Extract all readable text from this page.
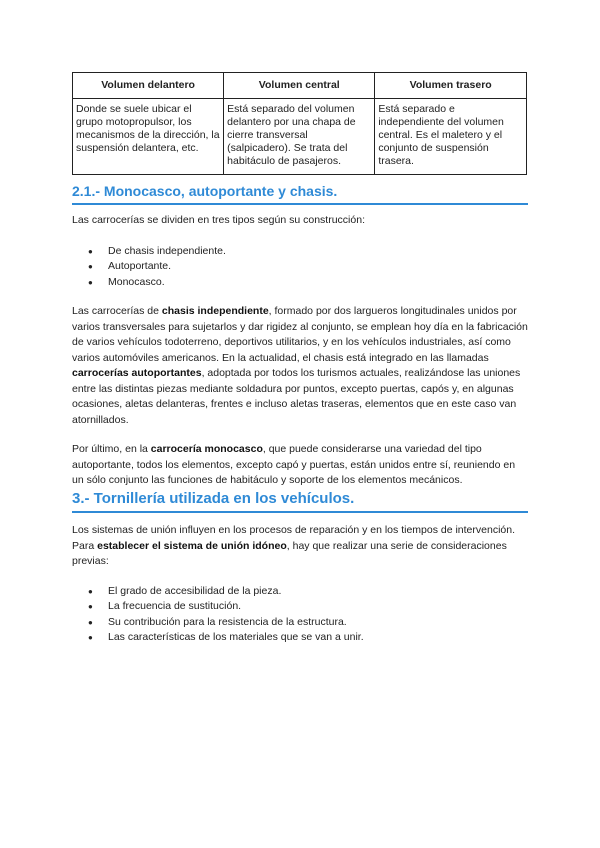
Volumen delantero	Volumen central	Volumen trasero
Donde se suele ubicar el grupo motopropulsor, los mecanismos de la dirección, la suspensión delantera, etc.	Está separado del volumen delantero por una chapa de cierre transversal (salpicadero). Se trata del habitáculo de pasajeros.	Está separado e independiente del volumen central. Es el maletero y el conjunto de suspensión trasera.
2.1.- Monocasco, autoportante y chasis.

Las carrocerías se dividen en tres tipos según su construcción:

● De chasis independiente.
● Autoportante.
● Monocasco.

Las carrocerías de chasis independiente, formado por dos largueros longitudinales unidos por varios transversales para sujetarlos y dar rigidez al conjunto, se emplean hoy día en la fabricación de varios vehículos todoterreno, deportivos utilitarios, y en los vehículos industriales, así como varios automóviles americanos. En la actualidad, el chasis está integrado en las llamadas carrocerías autoportantes, adoptada por todos los turismos actuales, realizándose las uniones entre las distintas piezas mediante soldadura por puntos, excepto puertas, capós y, en algunas ocasiones, aletas delanteras, frentes e incluso aletas traseras, elementos que en este caso van atornillados.

Por último, en la carrocería monocasco, que puede considerarse una variedad del tipo autoportante, todos los elementos, excepto capó y puertas, están unidos entre sí, reuniendo en un sólo conjunto las funciones de habitáculo y soporte de los elementos mecánicos.

3.- Tornillería utilizada en los vehículos.

Los sistemas de unión influyen en los procesos de reparación y en los tiempos de intervención. Para establecer el sistema de unión idóneo, hay que realizar una serie de consideraciones previas:

● El grado de accesibilidad de la pieza.
● La frecuencia de sustitución.
● Su contribución para la resistencia de la estructura.
● Las características de los materiales que se van a unir.
